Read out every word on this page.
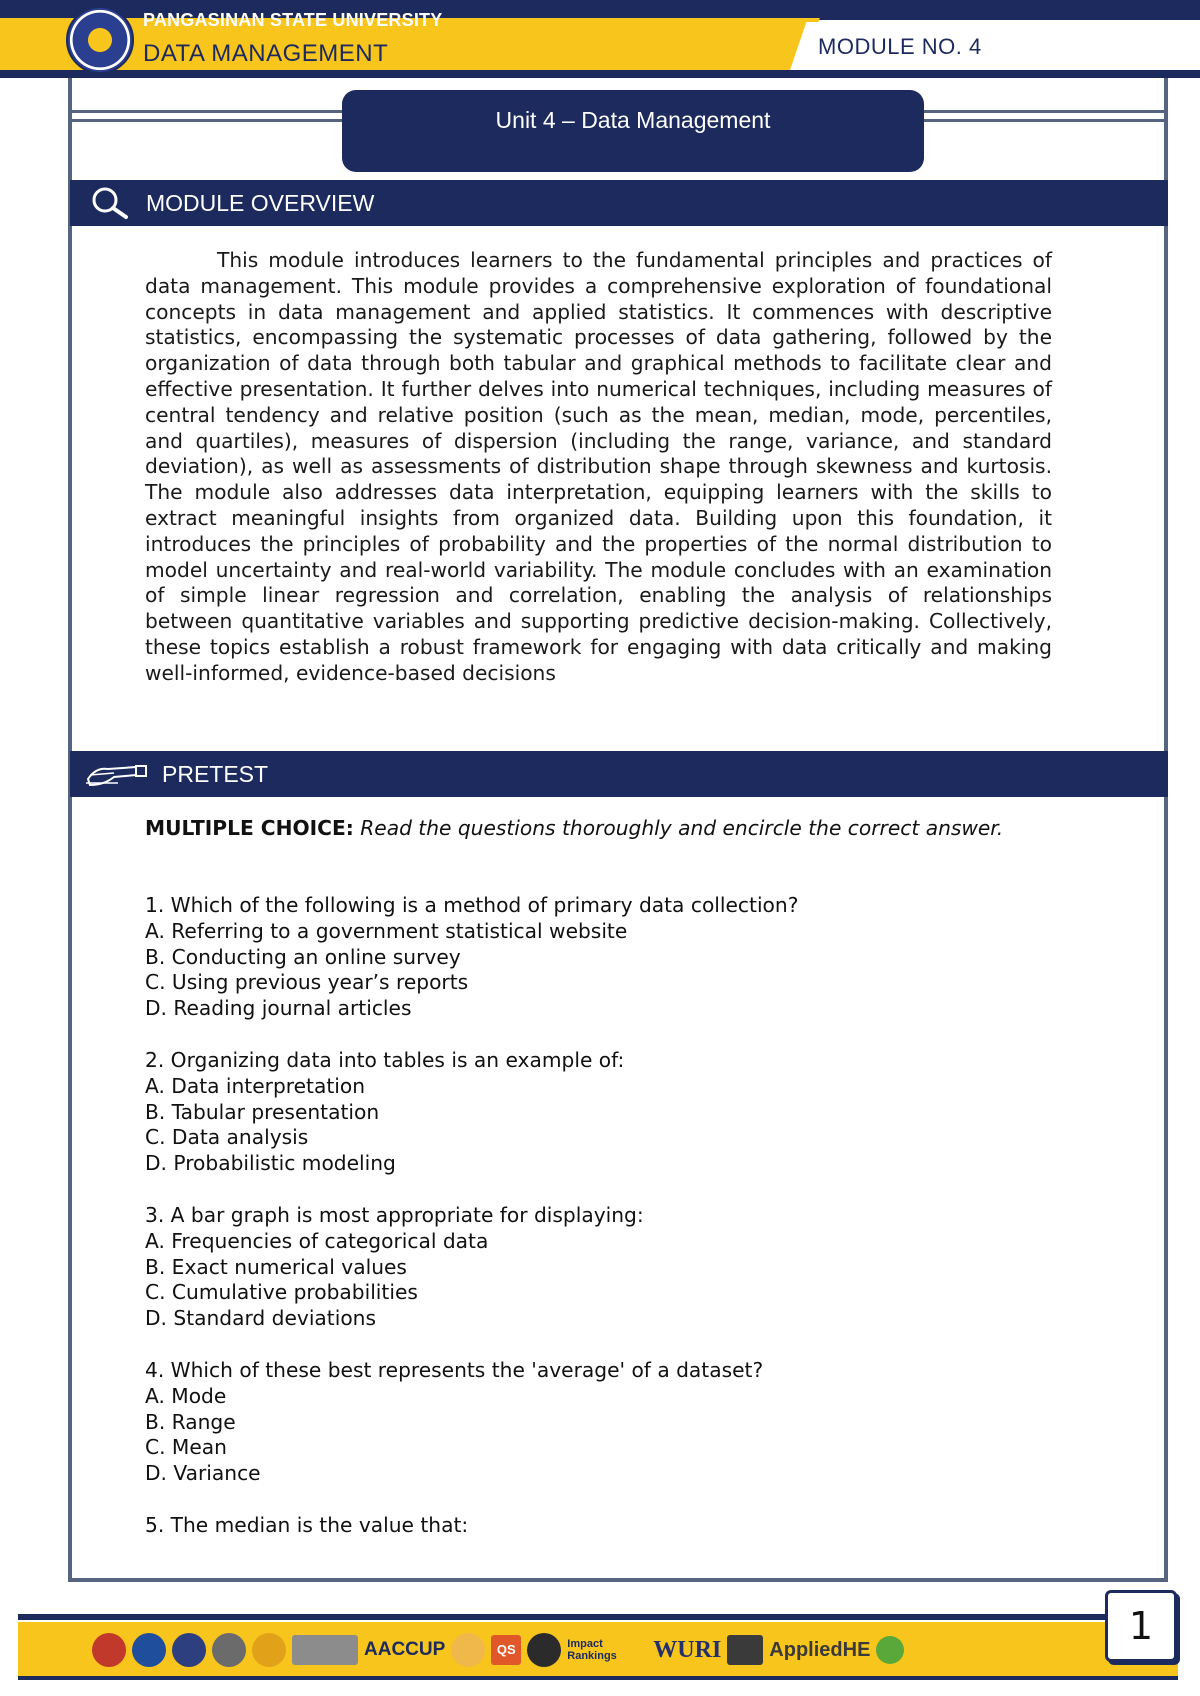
PANGASINAN STATE UNIVERSITY
DATA MANAGEMENT	MODULE NO. 4
Unit 4 – Data Management
MODULE OVERVIEW
This module introduces learners to the fundamental principles and practices of data management. This module provides a comprehensive exploration of foundational concepts in data management and applied statistics. It commences with descriptive statistics, encompassing the systematic processes of data gathering, followed by the organization of data through both tabular and graphical methods to facilitate clear and effective presentation. It further delves into numerical techniques, including measures of central tendency and relative position (such as the mean, median, mode, percentiles, and quartiles), measures of dispersion (including the range, variance, and standard deviation), as well as assessments of distribution shape through skewness and kurtosis. The module also addresses data interpretation, equipping learners with the skills to extract meaningful insights from organized data. Building upon this foundation, it introduces the principles of probability and the properties of the normal distribution to model uncertainty and real-world variability. The module concludes with an examination of simple linear regression and correlation, enabling the analysis of relationships between quantitative variables and supporting predictive decision-making. Collectively, these topics establish a robust framework for engaging with data critically and making well-informed, evidence-based decisions
PRETEST
MULTIPLE CHOICE: Read the questions thoroughly and encircle the correct answer.
1. Which of the following is a method of primary data collection?
A. Referring to a government statistical website
B. Conducting an online survey
C. Using previous year’s reports
D. Reading journal articles
2. Organizing data into tables is an example of:
A. Data interpretation
B. Tabular presentation
C. Data analysis
D. Probabilistic modeling
3. A bar graph is most appropriate for displaying:
A. Frequencies of categorical data
B. Exact numerical values
C. Cumulative probabilities
D. Standard deviations
4. Which of these best represents the 'average' of a dataset?
A. Mode
B. Range
C. Mean
D. Variance
5. The median is the value that:
AACCUP	QS	Impact Rankings	WURI AppliedHE
1
